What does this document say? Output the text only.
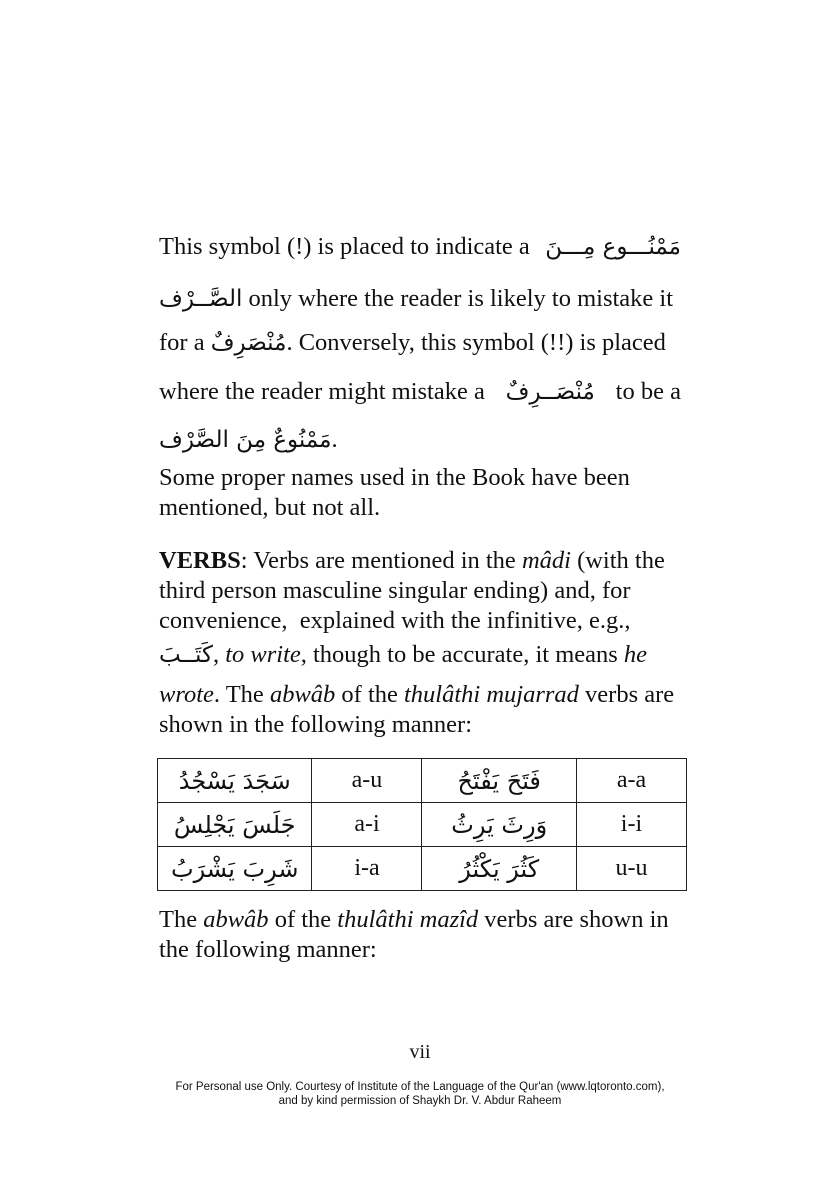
This symbol (!) is placed to indicate a مَمْنُـــوع مِـــنَ
الصَّــرْف only where the reader is likely to mistake it
for a مُنْصَرِفٌ. Conversely, this symbol (!!) is placed
where the reader might mistake a مُنْصَــرِفٌ to be a
مَمْنُوعٌ مِنَ الصَّرْف.
Some proper names used in the Book have been
mentioned, but not all.
VERBS: Verbs are mentioned in the mâdi (with the
third person masculine singular ending) and, for
convenience,  explained with the infinitive, e.g.,
كَتَــبَ, to write, though to be accurate, it means he
wrote. The abwâb of the thulâthi mujarrad verbs are
shown in the following manner:
سَجَدَ يَسْجُدُ	a-u	فَتَحَ يَفْتَحُ	a-a
جَلَسَ يَجْلِسُ	a-i	وَرِثَ يَرِثُ	i-i
شَرِبَ يَشْرَبُ	i-a	كَثُرَ يَكْثُرُ	u-u
The abwâb of the thulâthi mazîd verbs are shown in
the following manner:
vii
For Personal use Only. Courtesy of Institute of the Language of the Qur'an (www.lqtoronto.com),
and by kind permission of Shaykh Dr. V. Abdur Raheem
